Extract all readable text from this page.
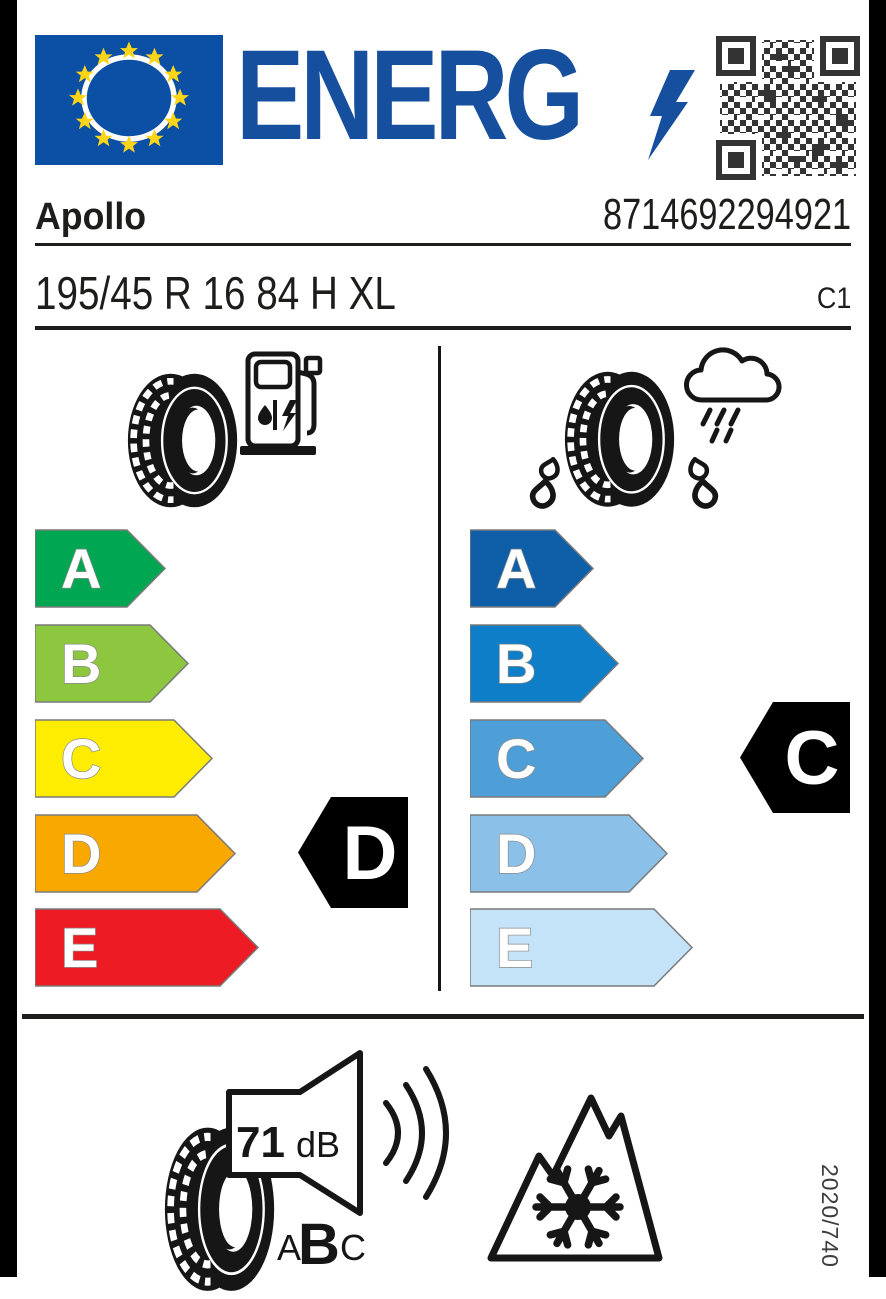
ENERG
Apollo	8714692294921
195/45 R 16 84 H XL	C1
A
B
C
D
E
A
B
C
D
E
D
C
71 dB
A
B C	2020/740
